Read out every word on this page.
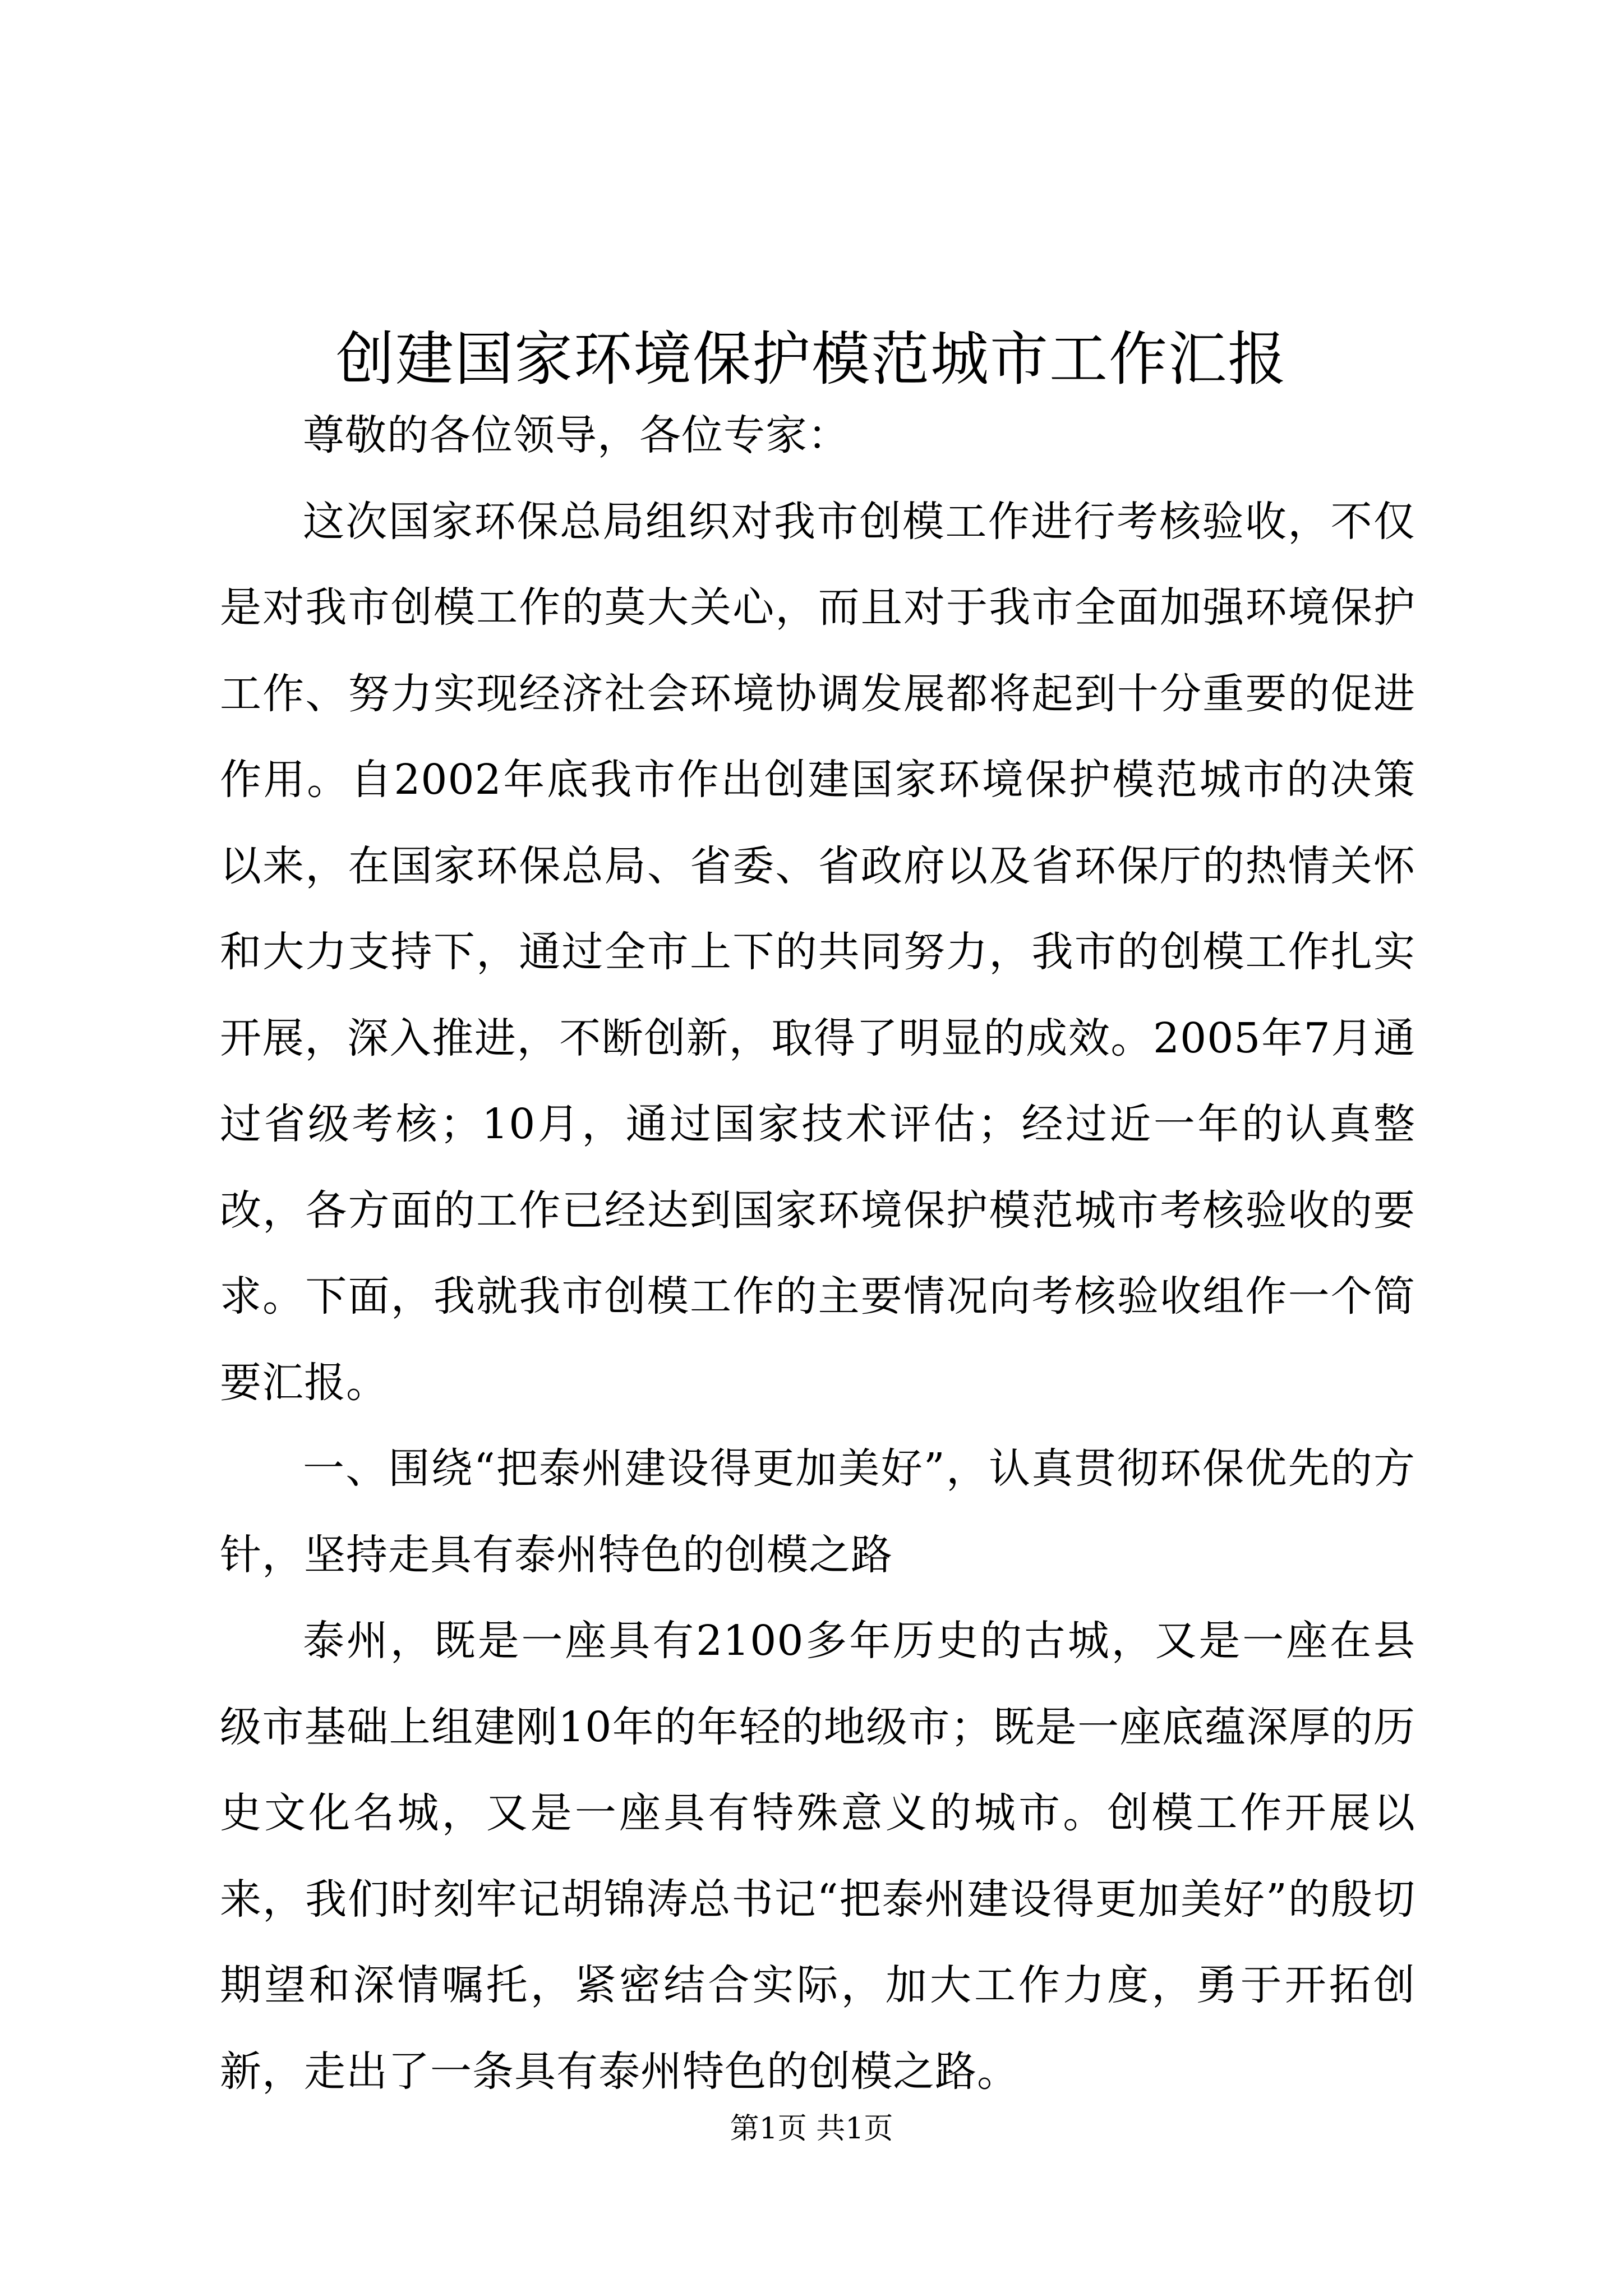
创建国家环境保护模范城市工作汇报

尊敬的各位领导，各位专家：

这次国家环保总局组织对我市创模工作进行考核验收，不仅是对我市创模工作的莫大关心，而且对于我市全面加强环境保护工作、努力实现经济社会环境协调发展都将起到十分重要的促进作用。自2002年底我市作出创建国家环境保护模范城市的决策以来，在国家环保总局、省委、省政府以及省环保厅的热情关怀和大力支持下，通过全市上下的共同努力，我市的创模工作扎实开展，深入推进，不断创新，取得了明显的成效。2005年7月通过省级考核；10月，通过国家技术评估；经过近一年的认真整改，各方面的工作已经达到国家环境保护模范城市考核验收的要求。下面，我就我市创模工作的主要情况向考核验收组作一个简要汇报。

一、围绕“把泰州建设得更加美好”，认真贯彻环保优先的方针，坚持走具有泰州特色的创模之路

泰州，既是一座具有2100多年历史的古城，又是一座在县级市基础上组建刚10年的年轻的地级市；既是一座底蕴深厚的历史文化名城，又是一座具有特殊意义的城市。创模工作开展以来，我们时刻牢记胡锦涛总书记“把泰州建设得更加美好”的殷切期望和深情嘱托，紧密结合实际，加大工作力度，勇于开拓创新，走出了一条具有泰州特色的创模之路。

第1页 共1页
